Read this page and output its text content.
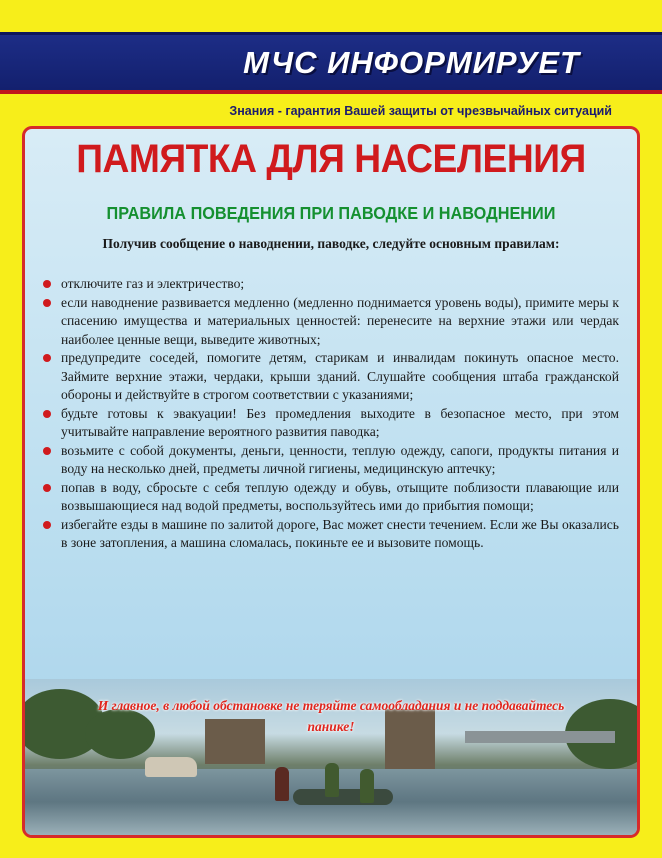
МЧС ИНФОРМИРУЕТ
Знания - гарантия Вашей защиты от чрезвычайных ситуаций
ПАМЯТКА ДЛЯ НАСЕЛЕНИЯ
ПРАВИЛА ПОВЕДЕНИЯ ПРИ ПАВОДКЕ И НАВОДНЕНИИ
Получив сообщение о наводнении, паводке, следуйте основным правилам:
отключите газ и электричество;
если наводнение развивается медленно (медленно поднимается уровень воды), примите меры к спасению имущества и материальных ценностей: перенесите на верхние этажи или чердак наиболее ценные вещи, выведите животных;
предупредите соседей, помогите детям, старикам и инвалидам покинуть опасное место. Займите верхние этажи, чердаки, крыши зданий. Слушайте сообщения штаба гражданской обороны и действуйте в строгом соответствии с указаниями;
будьте готовы к эвакуации! Без промедления выходите в безопасное место, при этом учитывайте направление вероятного развития паводка;
возьмите с собой документы, деньги, ценности, теплую одежду, сапоги, продукты питания и воду на несколько дней, предметы личной гигиены, медицинскую аптечку;
попав в воду, сбросьте с себя теплую одежду и обувь, отыщите поблизости плавающие или возвышающиеся над водой предметы, воспользуйтесь ими до прибытия помощи;
избегайте езды в машине по залитой дороге, Вас может снести течением. Если же Вы оказались в зоне затопления, а машина сломалась, покиньте ее и вызовите помощь.
И главное, в любой обстановке не теряйте самообладания и не поддавайтесь панике!
